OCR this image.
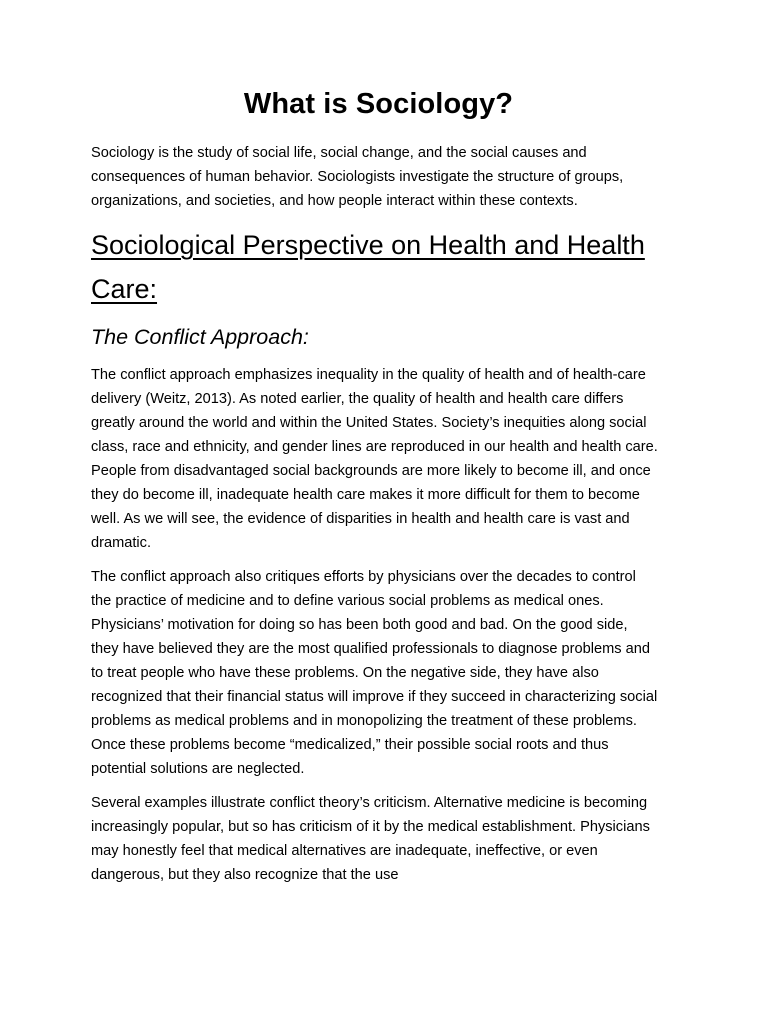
What is Sociology?

Sociology is the study of social life, social change, and the social causes and consequences of human behavior. Sociologists investigate the structure of groups, organizations, and societies, and how people interact within these contexts.

Sociological Perspective on Health and Health Care:
The Conflict Approach:

The conflict approach emphasizes inequality in the quality of health and of health-care delivery (Weitz, 2013). As noted earlier, the quality of health and health care differs greatly around the world and within the United States. Society’s inequities along social class, race and ethnicity, and gender lines are reproduced in our health and health care. People from disadvantaged social backgrounds are more likely to become ill, and once they do become ill, inadequate health care makes it more difficult for them to become well. As we will see, the evidence of disparities in health and health care is vast and dramatic.

The conflict approach also critiques efforts by physicians over the decades to control the practice of medicine and to define various social problems as medical ones. Physicians’ motivation for doing so has been both good and bad. On the good side, they have believed they are the most qualified professionals to diagnose problems and to treat people who have these problems. On the negative side, they have also recognized that their financial status will improve if they succeed in characterizing social problems as medical problems and in monopolizing the treatment of these problems. Once these problems become “medicalized,” their possible social roots and thus potential solutions are neglected.

Several examples illustrate conflict theory’s criticism. Alternative medicine is becoming increasingly popular, but so has criticism of it by the medical establishment. Physicians may honestly feel that medical alternatives are inadequate, ineffective, or even dangerous, but they also recognize that the use
